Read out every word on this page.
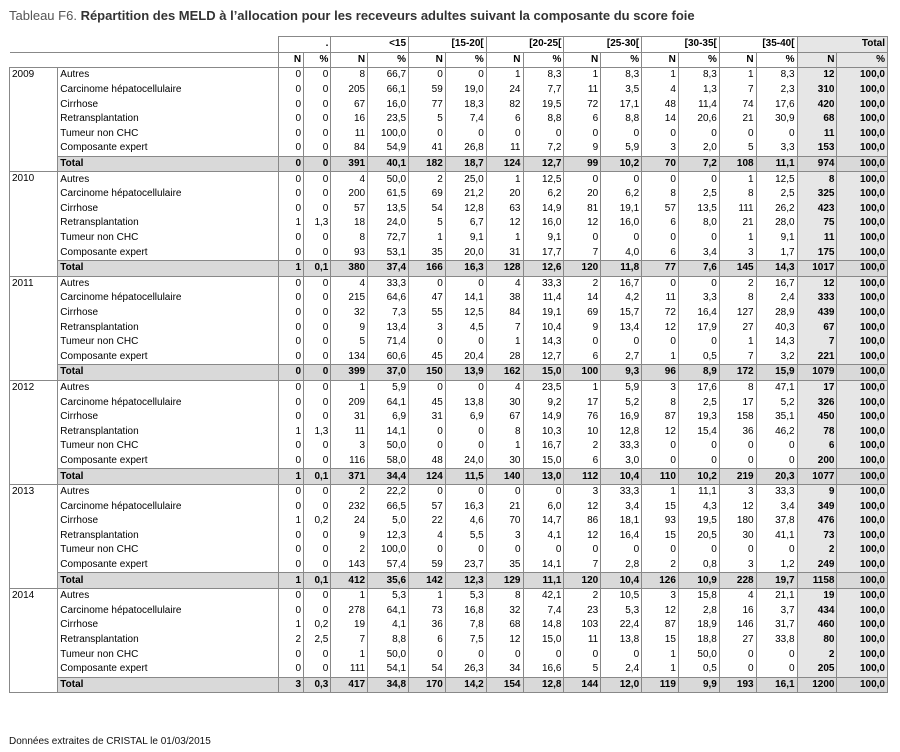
Tableau F6. Répartition des MELD à l’allocation pour les receveurs adultes suivant la composante du score foie
		.		<15		[15-20[		[20-25[		[25-30[		[30-35[		[35-40[		Total	
		N	%	N	%	N	%	N	%	N	%	N	%	N	%	N	%
2009	Autres	0	0	8	66,7	0	0	1	8,3	1	8,3	1	8,3	1	8,3	12	100,0
	Carcinome hépatocellulaire	0	0	205	66,1	59	19,0	24	7,7	11	3,5	4	1,3	7	2,3	310	100,0
	Cirrhose	0	0	67	16,0	77	18,3	82	19,5	72	17,1	48	11,4	74	17,6	420	100,0
	Retransplantation	0	0	16	23,5	5	7,4	6	8,8	6	8,8	14	20,6	21	30,9	68	100,0
	Tumeur non CHC	0	0	11	100,0	0	0	0	0	0	0	0	0	0	0	11	100,0
	Composante expert	0	0	84	54,9	41	26,8	11	7,2	9	5,9	3	2,0	5	3,3	153	100,0
	Total	0	0	391	40,1	182	18,7	124	12,7	99	10,2	70	7,2	108	11,1	974	100,0
2010	Autres	0	0	4	50,0	2	25,0	1	12,5	0	0	0	0	1	12,5	8	100,0
	Carcinome hépatocellulaire	0	0	200	61,5	69	21,2	20	6,2	20	6,2	8	2,5	8	2,5	325	100,0
	Cirrhose	0	0	57	13,5	54	12,8	63	14,9	81	19,1	57	13,5	111	26,2	423	100,0
	Retransplantation	1	1,3	18	24,0	5	6,7	12	16,0	12	16,0	6	8,0	21	28,0	75	100,0
	Tumeur non CHC	0	0	8	72,7	1	9,1	1	9,1	0	0	0	0	1	9,1	11	100,0
	Composante expert	0	0	93	53,1	35	20,0	31	17,7	7	4,0	6	3,4	3	1,7	175	100,0
	Total	1	0,1	380	37,4	166	16,3	128	12,6	120	11,8	77	7,6	145	14,3	1017	100,0
2011	Autres	0	0	4	33,3	0	0	4	33,3	2	16,7	0	0	2	16,7	12	100,0
	Carcinome hépatocellulaire	0	0	215	64,6	47	14,1	38	11,4	14	4,2	11	3,3	8	2,4	333	100,0
	Cirrhose	0	0	32	7,3	55	12,5	84	19,1	69	15,7	72	16,4	127	28,9	439	100,0
	Retransplantation	0	0	9	13,4	3	4,5	7	10,4	9	13,4	12	17,9	27	40,3	67	100,0
	Tumeur non CHC	0	0	5	71,4	0	0	1	14,3	0	0	0	0	1	14,3	7	100,0
	Composante expert	0	0	134	60,6	45	20,4	28	12,7	6	2,7	1	0,5	7	3,2	221	100,0
	Total	0	0	399	37,0	150	13,9	162	15,0	100	9,3	96	8,9	172	15,9	1079	100,0
2012	Autres	0	0	1	5,9	0	0	4	23,5	1	5,9	3	17,6	8	47,1	17	100,0
	Carcinome hépatocellulaire	0	0	209	64,1	45	13,8	30	9,2	17	5,2	8	2,5	17	5,2	326	100,0
	Cirrhose	0	0	31	6,9	31	6,9	67	14,9	76	16,9	87	19,3	158	35,1	450	100,0
	Retransplantation	1	1,3	11	14,1	0	0	8	10,3	10	12,8	12	15,4	36	46,2	78	100,0
	Tumeur non CHC	0	0	3	50,0	0	0	1	16,7	2	33,3	0	0	0	0	6	100,0
	Composante expert	0	0	116	58,0	48	24,0	30	15,0	6	3,0	0	0	0	0	200	100,0
	Total	1	0,1	371	34,4	124	11,5	140	13,0	112	10,4	110	10,2	219	20,3	1077	100,0
2013	Autres	0	0	2	22,2	0	0	0	0	3	33,3	1	11,1	3	33,3	9	100,0
	Carcinome hépatocellulaire	0	0	232	66,5	57	16,3	21	6,0	12	3,4	15	4,3	12	3,4	349	100,0
	Cirrhose	1	0,2	24	5,0	22	4,6	70	14,7	86	18,1	93	19,5	180	37,8	476	100,0
	Retransplantation	0	0	9	12,3	4	5,5	3	4,1	12	16,4	15	20,5	30	41,1	73	100,0
	Tumeur non CHC	0	0	2	100,0	0	0	0	0	0	0	0	0	0	0	2	100,0
	Composante expert	0	0	143	57,4	59	23,7	35	14,1	7	2,8	2	0,8	3	1,2	249	100,0
	Total	1	0,1	412	35,6	142	12,3	129	11,1	120	10,4	126	10,9	228	19,7	1158	100,0
2014	Autres	0	0	1	5,3	1	5,3	8	42,1	2	10,5	3	15,8	4	21,1	19	100,0
	Carcinome hépatocellulaire	0	0	278	64,1	73	16,8	32	7,4	23	5,3	12	2,8	16	3,7	434	100,0
	Cirrhose	1	0,2	19	4,1	36	7,8	68	14,8	103	22,4	87	18,9	146	31,7	460	100,0
	Retransplantation	2	2,5	7	8,8	6	7,5	12	15,0	11	13,8	15	18,8	27	33,8	80	100,0
	Tumeur non CHC	0	0	1	50,0	0	0	0	0	0	0	1	50,0	0	0	2	100,0
	Composante expert	0	0	111	54,1	54	26,3	34	16,6	5	2,4	1	0,5	0	0	205	100,0
	Total	3	0,3	417	34,8	170	14,2	154	12,8	144	12,0	119	9,9	193	16,1	1200	100,0
Données extraites de CRISTAL le 01/03/2015
